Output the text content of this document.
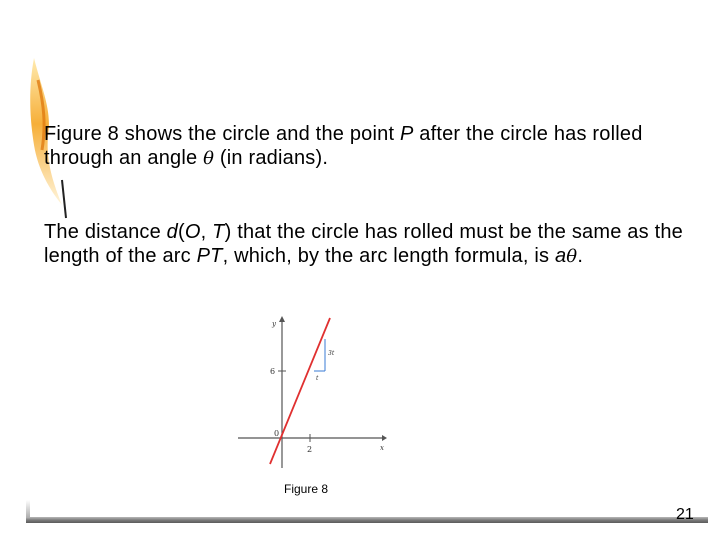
Figure 8 shows the circle and the point P after the circle has rolled through an angle θ (in radians).

The distance d(O, T) that the circle has rolled must be the same as the length of the arc PT, which, by the arc length formula, is aθ.

y
x
6
0
2
3t
t
Figure 8
21
